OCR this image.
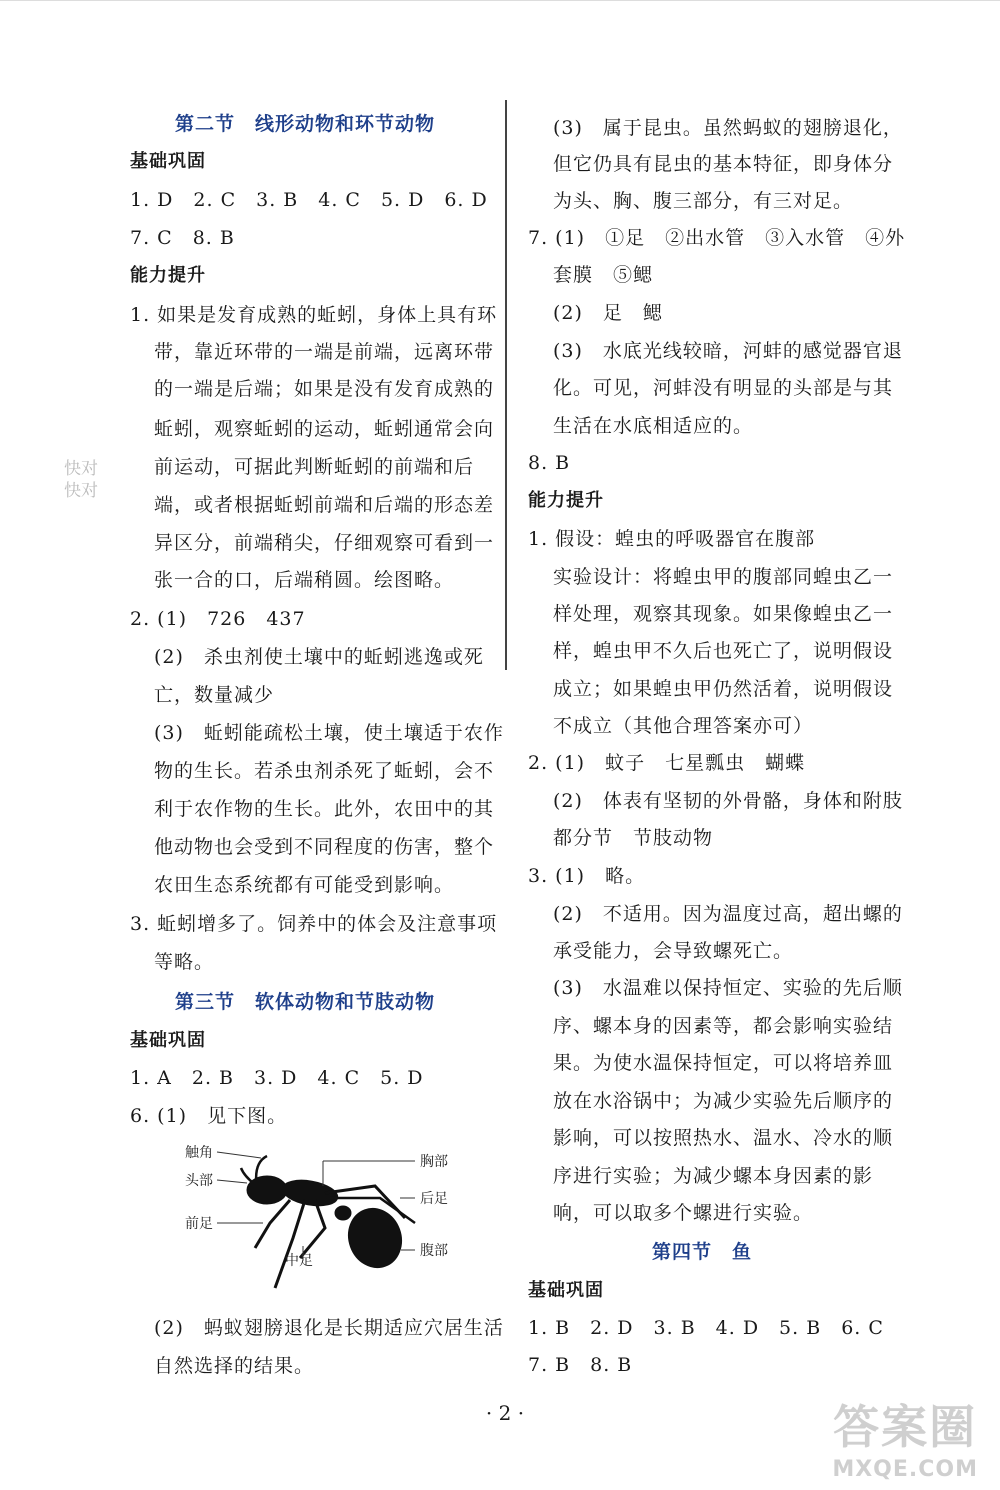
第二节　线形动物和环节动物
基础巩固
1. D　2. C　3. B　4. C　5. D　6. D
7. C　8. B
能力提升
1. 如果是发育成熟的蚯蚓，身体上具有环
带，靠近环带的一端是前端，远离环带
的一端是后端；如果是没有发育成熟的
蚯蚓，观察蚯蚓的运动，蚯蚓通常会向
前运动，可据此判断蚯蚓的前端和后
端，或者根据蚯蚓前端和后端的形态差
异区分，前端稍尖，仔细观察可看到一
张一合的口，后端稍圆。绘图略。
2. (1)　726　437
(2)　杀虫剂使土壤中的蚯蚓逃逸或死
亡，数量减少
(3)　蚯蚓能疏松土壤，使土壤适于农作
物的生长。若杀虫剂杀死了蚯蚓，会不
利于农作物的生长。此外，农田中的其
他动物也会受到不同程度的伤害，整个
农田生态系统都有可能受到影响。
3. 蚯蚓增多了。饲养中的体会及注意事项
等略。
第三节　软体动物和节肢动物
基础巩固
1. A　2. B　3. D　4. C　5. D
6. (1)　见下图。
触角
头部
前足
中足
胸部
后足
腹部
(2)　蚂蚁翅膀退化是长期适应穴居生活
自然选择的结果。
(3)　属于昆虫。虽然蚂蚁的翅膀退化，
但它仍具有昆虫的基本特征，即身体分
为头、胸、腹三部分，有三对足。
7. (1)　①足　②出水管　③入水管　④外
套膜　⑤鳃
(2)　足　鳃
(3)　水底光线较暗，河蚌的感觉器官退
化。可见，河蚌没有明显的头部是与其
生活在水底相适应的。
8. B
能力提升
1. 假设：蝗虫的呼吸器官在腹部
实验设计：将蝗虫甲的腹部同蝗虫乙一
样处理，观察其现象。如果像蝗虫乙一
样，蝗虫甲不久后也死亡了，说明假设
成立；如果蝗虫甲仍然活着，说明假设
不成立（其他合理答案亦可）
2. (1)　蚊子　七星瓢虫　蝴蝶
(2)　体表有坚韧的外骨骼，身体和附肢
都分节　节肢动物
3. (1)　略。
(2)　不适用。因为温度过高，超出螺的
承受能力，会导致螺死亡。
(3)　水温难以保持恒定、实验的先后顺
序、螺本身的因素等，都会影响实验结
果。为使水温保持恒定，可以将培养皿
放在水浴锅中；为减少实验先后顺序的
影响，可以按照热水、温水、冷水的顺
序进行实验；为减少螺本身因素的影
响，可以取多个螺进行实验。
第四节　鱼
基础巩固
1. B　2. D　3. B　4. D　5. B　6. C
7. B　8. B
· 2 ·
快对
快对
答案圈
MXQE.COM
